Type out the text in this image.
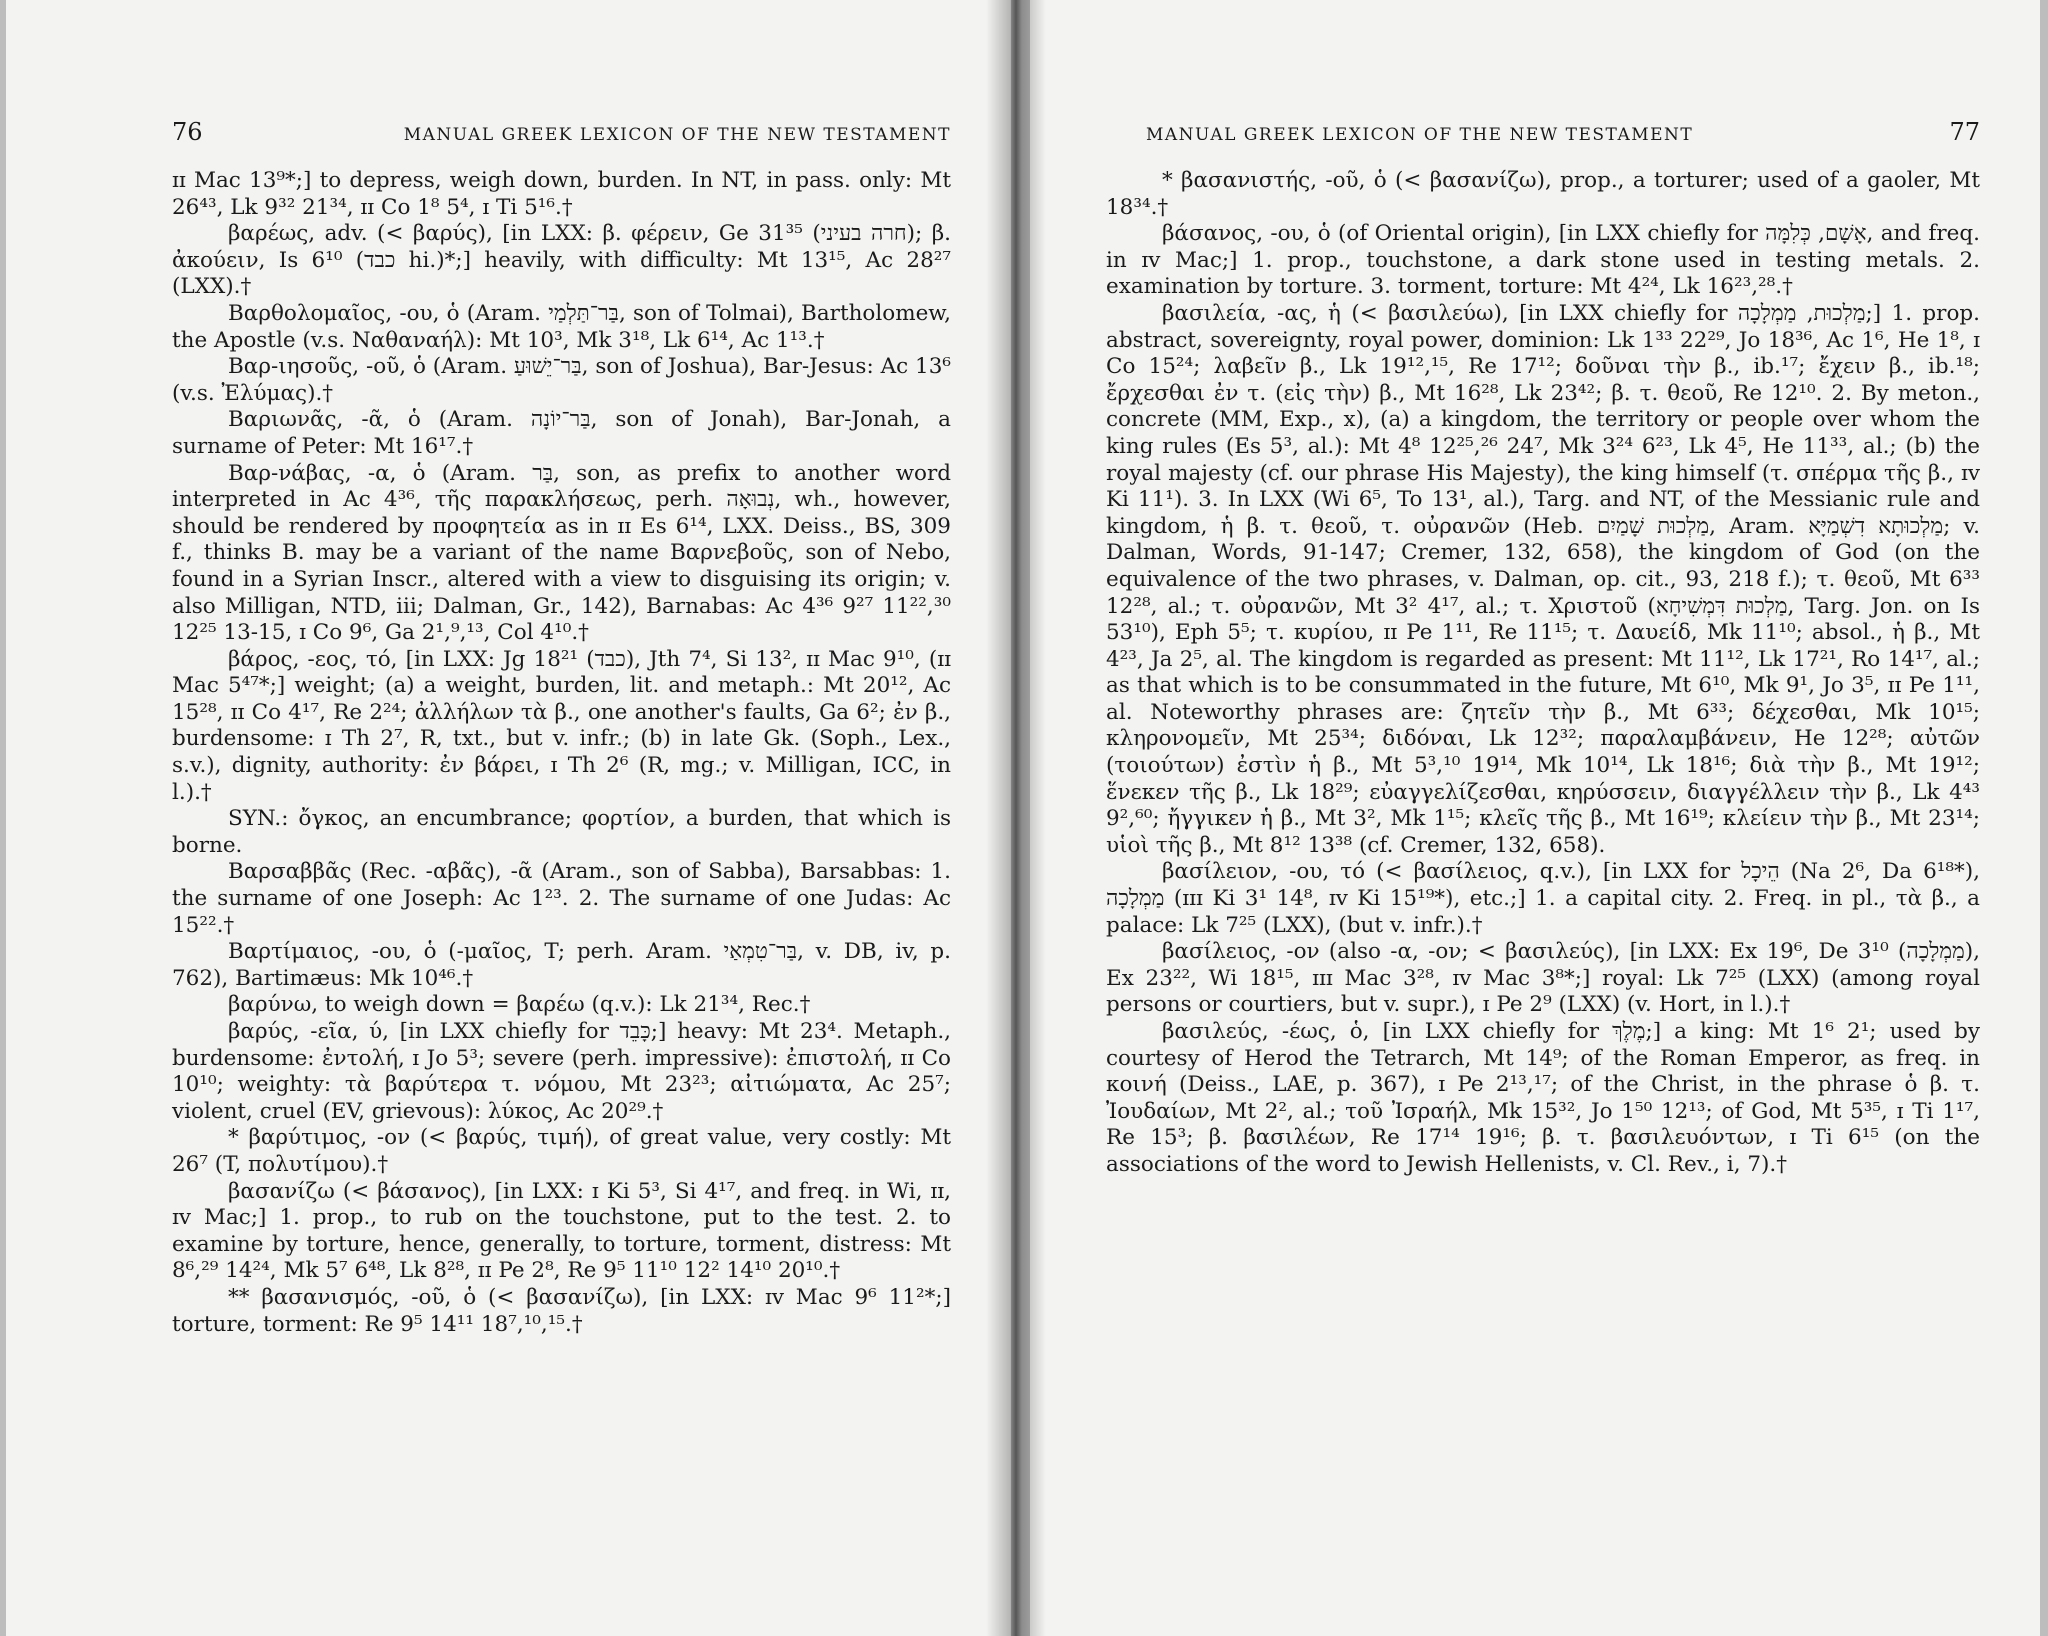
76	MANUAL GREEK LEXICON OF THE NEW TESTAMENT

ɪɪ Mac 13⁹*;] to depress, weigh down, burden. In NT, in pass. only: Mt 26⁴³, Lk 9³² 21³⁴, ɪɪ Co 1⁸ 5⁴, ɪ Ti 5¹⁶.†

βαρέως, adv. (< βαρύς), [in LXX: β. φέρειν, Ge 31³⁵ (חרה בעיני); β. ἀκούειν, Is 6¹⁰ (כבד hi.)*;] heavily, with difficulty: Mt 13¹⁵, Ac 28²⁷ (LXX).†

Βαρθολομαῖος, -ου, ὁ (Aram. בַּר־תַּלְמַי, son of Tolmai), Bartholomew, the Apostle (v.s. Ναθαναήλ): Mt 10³, Mk 3¹⁸, Lk 6¹⁴, Ac 1¹³.†

Βαρ-ιησοῦς, -οῦ, ὁ (Aram. בַּר־יֵשׁוּעַ, son of Joshua), Bar-Jesus: Ac 13⁶ (v.s. Ἐλύμας).†

Βαριωνᾶς, -ᾶ, ὁ (Aram. בַּר־יוֹנָה, son of Jonah), Bar-Jonah, a surname of Peter: Mt 16¹⁷.†

Βαρ-νάβας, -α, ὁ (Aram. בַּר, son, as prefix to another word interpreted in Ac 4³⁶, τῆς παρακλήσεως, perh. נְבוּאָה, wh., however, should be rendered by προφητεία as in ɪɪ Es 6¹⁴, LXX. Deiss., BS, 309 f., thinks B. may be a variant of the name Βαρνεβοῦς, son of Nebo, found in a Syrian Inscr., altered with a view to disguising its origin; v. also Milligan, NTD, iii; Dalman, Gr., 142), Barnabas: Ac 4³⁶ 9²⁷ 11²²,³⁰ 12²⁵ 13-15, ɪ Co 9⁶, Ga 2¹,⁹,¹³, Col 4¹⁰.†

βάρος, -εος, τό, [in LXX: Jg 18²¹ (כבד), Jth 7⁴, Si 13², ɪɪ Mac 9¹⁰, (ɪɪ Mac 5⁴⁷*;] weight; (a) a weight, burden, lit. and metaph.: Mt 20¹², Ac 15²⁸, ɪɪ Co 4¹⁷, Re 2²⁴; ἀλλήλων τὰ β., one another's faults, Ga 6²; ἐν β., burdensome: ɪ Th 2⁷, R, txt., but v. infr.; (b) in late Gk. (Soph., Lex., s.v.), dignity, authority: ἐν βάρει, ɪ Th 2⁶ (R, mg.; v. Milligan, ICC, in l.).†

SYN.: ὄγκος, an encumbrance; φορτίον, a burden, that which is borne.

Βαρσαββᾶς (Rec. -αβᾶς), -ᾶ (Aram., son of Sabba), Barsabbas: 1. the surname of one Joseph: Ac 1²³. 2. The surname of one Judas: Ac 15²².†

Βαρτίμαιος, -ου, ὁ (-μαῖος, T; perh. Aram. בַּר־טִמְאַי, v. DB, iv, p. 762), Bartimæus: Mk 10⁴⁶.†

βαρύνω, to weigh down = βαρέω (q.v.): Lk 21³⁴, Rec.†

βαρύς, -εῖα, ύ, [in LXX chiefly for כָּבֵד;] heavy: Mt 23⁴. Metaph., burdensome: ἐντολή, ɪ Jo 5³; severe (perh. impressive): ἐπιστολή, ɪɪ Co 10¹⁰; weighty: τὰ βαρύτερα τ. νόμου, Mt 23²³; αἰτιώματα, Ac 25⁷; violent, cruel (EV, grievous): λύκος, Ac 20²⁹.†

* βαρύτιμος, -ον (< βαρύς, τιμή), of great value, very costly: Mt 26⁷ (T, πολυτίμου).†

βασανίζω (< βάσανος), [in LXX: ɪ Ki 5³, Si 4¹⁷, and freq. in Wi, ɪɪ, ɪᴠ Mac;] 1. prop., to rub on the touchstone, put to the test. 2. to examine by torture, hence, generally, to torture, torment, distress: Mt 8⁶,²⁹ 14²⁴, Mk 5⁷ 6⁴⁸, Lk 8²⁸, ɪɪ Pe 2⁸, Re 9⁵ 11¹⁰ 12² 14¹⁰ 20¹⁰.†

** βασανισμός, -οῦ, ὁ (< βασανίζω), [in LXX: ɪᴠ Mac 9⁶ 11²*;] torture, torment: Re 9⁵ 14¹¹ 18⁷,¹⁰,¹⁵.†

MANUAL GREEK LEXICON OF THE NEW TESTAMENT	77

* βασανιστής, -οῦ, ὁ (< βασανίζω), prop., a torturer; used of a gaoler, Mt 18³⁴.†

βάσανος, -ου, ὁ (of Oriental origin), [in LXX chiefly for אָשָׁם, כְּלִמָּה, and freq. in ɪᴠ Mac;] 1. prop., touchstone, a dark stone used in testing metals. 2. examination by torture. 3. torment, torture: Mt 4²⁴, Lk 16²³,²⁸.†

βασιλεία, -ας, ἡ (< βασιλεύω), [in LXX chiefly for מַלְכוּת, מַמְלָכָה;] 1. prop. abstract, sovereignty, royal power, dominion: Lk 1³³ 22²⁹, Jo 18³⁶, Ac 1⁶, He 1⁸, ɪ Co 15²⁴; λαβεῖν β., Lk 19¹²,¹⁵, Re 17¹²; δοῦναι τὴν β., ib.¹⁷; ἔχειν β., ib.¹⁸; ἔρχεσθαι ἐν τ. (εἰς τὴν) β., Mt 16²⁸, Lk 23⁴²; β. τ. θεοῦ, Re 12¹⁰. 2. By meton., concrete (MM, Exp., x), (a) a kingdom, the territory or people over whom the king rules (Es 5³, al.): Mt 4⁸ 12²⁵,²⁶ 24⁷, Mk 3²⁴ 6²³, Lk 4⁵, He 11³³, al.; (b) the royal majesty (cf. our phrase His Majesty), the king himself (τ. σπέρμα τῆς β., ɪᴠ Ki 11¹). 3. In LXX (Wi 6⁵, To 13¹, al.), Targ. and NT, of the Messianic rule and kingdom, ἡ β. τ. θεοῦ, τ. οὐρανῶν (Heb. מַלְכוּת שָׁמַיִם, Aram. מַלְכוּתָא דִשְׁמַיָּא; v. Dalman, Words, 91-147; Cremer, 132, 658), the kingdom of God (on the equivalence of the two phrases, v. Dalman, op. cit., 93, 218 f.); τ. θεοῦ, Mt 6³³ 12²⁸, al.; τ. οὐρανῶν, Mt 3² 4¹⁷, al.; τ. Χριστοῦ (מַלְכוּת דִּמְשִׁיחָא, Targ. Jon. on Is 53¹⁰), Eph 5⁵; τ. κυρίου, ɪɪ Pe 1¹¹, Re 11¹⁵; τ. Δαυείδ, Mk 11¹⁰; absol., ἡ β., Mt 4²³, Ja 2⁵, al. The kingdom is regarded as present: Mt 11¹², Lk 17²¹, Ro 14¹⁷, al.; as that which is to be consummated in the future, Mt 6¹⁰, Mk 9¹, Jo 3⁵, ɪɪ Pe 1¹¹, al. Noteworthy phrases are: ζητεῖν τὴν β., Mt 6³³; δέχεσθαι, Mk 10¹⁵; κληρονομεῖν, Mt 25³⁴; διδόναι, Lk 12³²; παραλαμβάνειν, He 12²⁸; αὐτῶν (τοιούτων) ἐστὶν ἡ β., Mt 5³,¹⁰ 19¹⁴, Mk 10¹⁴, Lk 18¹⁶; διὰ τὴν β., Mt 19¹²; ἕνεκεν τῆς β., Lk 18²⁹; εὐαγγελίζεσθαι, κηρύσσειν, διαγγέλλειν τὴν β., Lk 4⁴³ 9²,⁶⁰; ἤγγικεν ἡ β., Mt 3², Mk 1¹⁵; κλεῖς τῆς β., Mt 16¹⁹; κλείειν τὴν β., Mt 23¹⁴; υἱοὶ τῆς β., Mt 8¹² 13³⁸ (cf. Cremer, 132, 658).

βασίλειον, -ου, τό (< βασίλειος, q.v.), [in LXX for הֵיכָל (Na 2⁶, Da 6¹⁸*), מַמְלָכָה (ɪɪɪ Ki 3¹ 14⁸, ɪᴠ Ki 15¹⁹*), etc.;] 1. a capital city. 2. Freq. in pl., τὰ β., a palace: Lk 7²⁵ (LXX), (but v. infr.).†

βασίλειος, -ον (also -α, -ον; < βασιλεύς), [in LXX: Ex 19⁶, De 3¹⁰ (מַמְלָכָה), Ex 23²², Wi 18¹⁵, ɪɪɪ Mac 3²⁸, ɪᴠ Mac 3⁸*;] royal: Lk 7²⁵ (LXX) (among royal persons or courtiers, but v. supr.), ɪ Pe 2⁹ (LXX) (v. Hort, in l.).†

βασιλεύς, -έως, ὁ, [in LXX chiefly for מֶלֶךְ;] a king: Mt 1⁶ 2¹; used by courtesy of Herod the Tetrarch, Mt 14⁹; of the Roman Emperor, as freq. in κοινή (Deiss., LAE, p. 367), ɪ Pe 2¹³,¹⁷; of the Christ, in the phrase ὁ β. τ. Ἰουδαίων, Mt 2², al.; τοῦ Ἰσραήλ, Mk 15³², Jo 1⁵⁰ 12¹³; of God, Mt 5³⁵, ɪ Ti 1¹⁷, Re 15³; β. βασιλέων, Re 17¹⁴ 19¹⁶; β. τ. βασιλευόντων, ɪ Ti 6¹⁵ (on the associations of the word to Jewish Hellenists, v. Cl. Rev., i, 7).†
